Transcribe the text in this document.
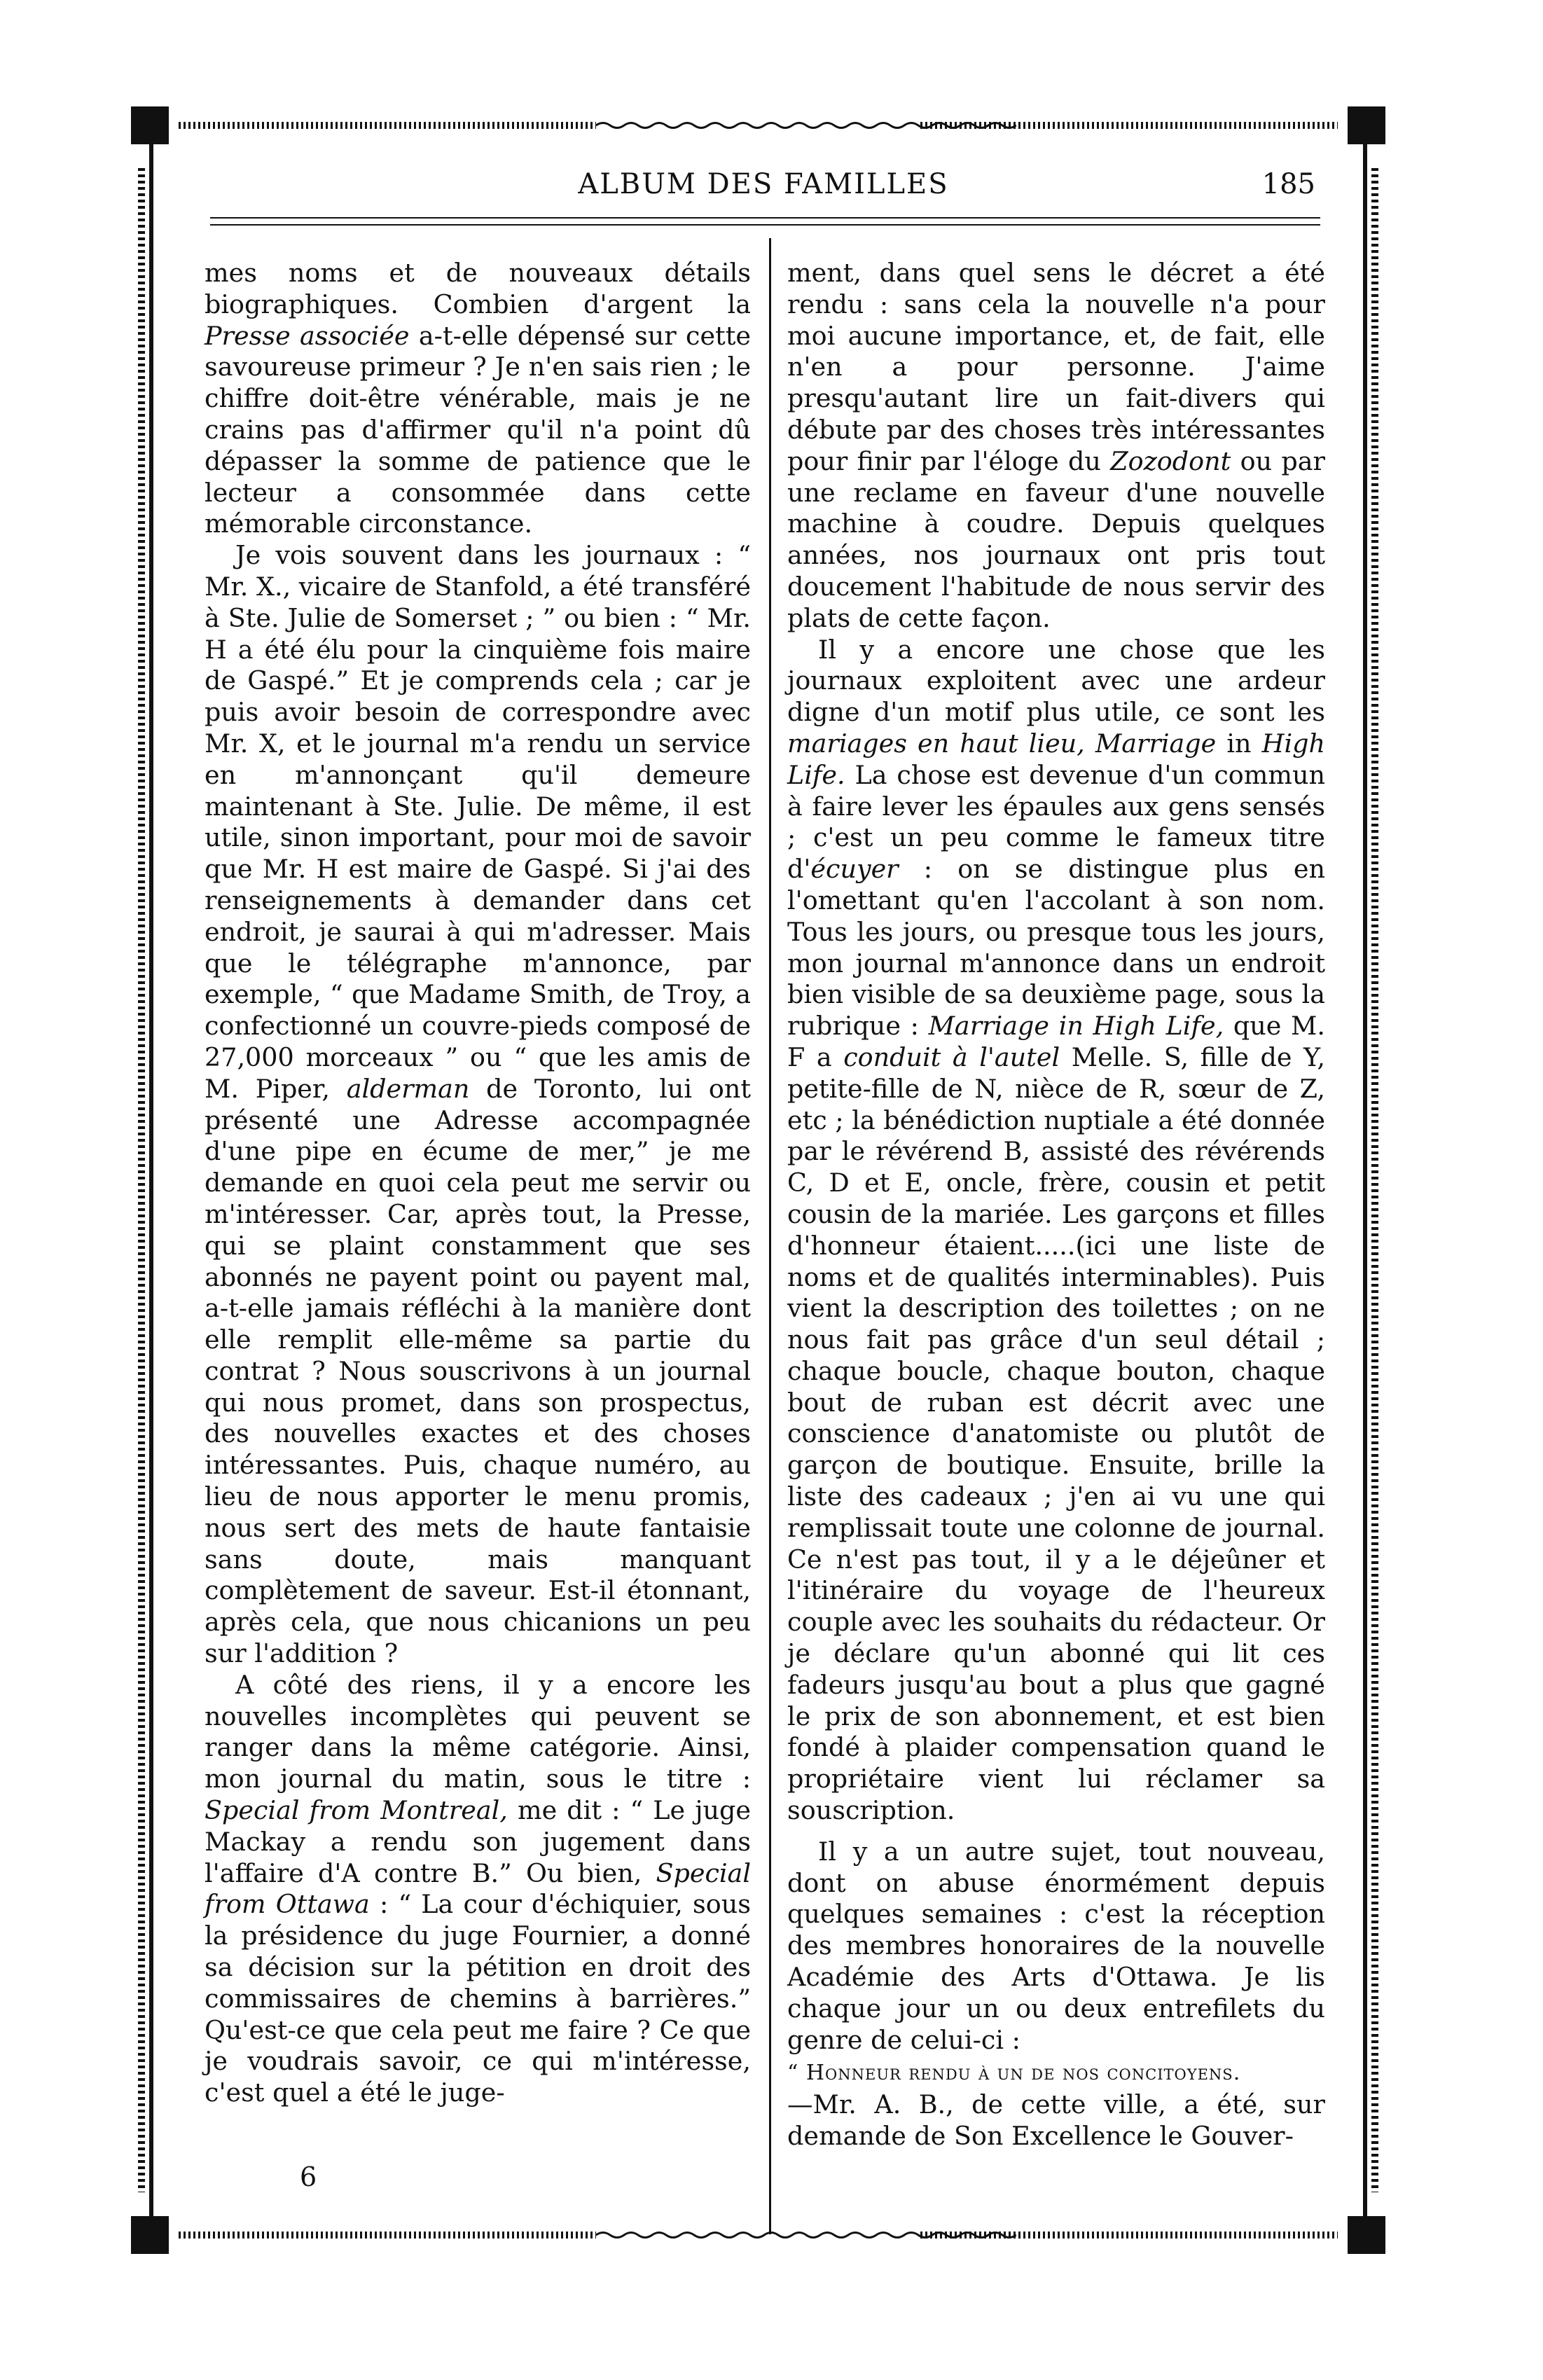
ALBUM DES FAMILLES	185

mes noms et de nouveaux détails biographiques. Combien d'argent la Presse associée a-t-elle dépensé sur cette savoureuse primeur ? Je n'en sais rien ; le chiffre doit-être vénérable, mais je ne crains pas d'affirmer qu'il n'a point dû dépasser la somme de patience que le lecteur a consommée dans cette mémorable circonstance.

Je vois souvent dans les journaux : “ Mr. X., vicaire de Stanfold, a été transféré à Ste. Julie de Somerset ; ” ou bien : “ Mr. H a été élu pour la cinquième fois maire de Gaspé.” Et je comprends cela ; car je puis avoir besoin de correspondre avec Mr. X, et le journal m'a rendu un service en m'annonçant qu'il demeure maintenant à Ste. Julie. De même, il est utile, sinon important, pour moi de savoir que Mr. H est maire de Gaspé. Si j'ai des renseignements à demander dans cet endroit, je saurai à qui m'adresser. Mais que le télégraphe m'annonce, par exemple, “ que Madame Smith, de Troy, a confectionné un couvre-pieds composé de 27,000 morceaux ” ou “ que les amis de M. Piper, alderman de Toronto, lui ont présenté une Adresse accompagnée d'une pipe en écume de mer,” je me demande en quoi cela peut me servir ou m'intéresser. Car, après tout, la Presse, qui se plaint constamment que ses abonnés ne payent point ou payent mal, a-t-elle jamais réfléchi à la manière dont elle remplit elle-même sa partie du contrat ? Nous souscrivons à un journal qui nous promet, dans son prospectus, des nouvelles exactes et des choses intéressantes. Puis, chaque numéro, au lieu de nous apporter le menu promis, nous sert des mets de haute fantaisie sans doute, mais manquant complètement de saveur. Est-il étonnant, après cela, que nous chicanions un peu sur l'addition ?

A côté des riens, il y a encore les nouvelles incomplètes qui peuvent se ranger dans la même catégorie. Ainsi, mon journal du matin, sous le titre : Special from Montreal, me dit : “ Le juge Mackay a rendu son jugement dans l'affaire d'A contre B.” Ou bien, Special from Ottawa : “ La cour d'échiquier, sous la présidence du juge Fournier, a donné sa décision sur la pétition en droit des commissaires de chemins à barrières.” Qu'est-ce que cela peut me faire ? Ce que je voudrais savoir, ce qui m'intéresse, c'est quel a été le juge-

ment, dans quel sens le décret a été rendu : sans cela la nouvelle n'a pour moi aucune importance, et, de fait, elle n'en a pour personne. J'aime presqu'autant lire un fait-divers qui débute par des choses très intéressantes pour finir par l'éloge du Zozodont ou par une reclame en faveur d'une nouvelle machine à coudre. Depuis quelques années, nos journaux ont pris tout doucement l'habitude de nous servir des plats de cette façon.

Il y a encore une chose que les journaux exploitent avec une ardeur digne d'un motif plus utile, ce sont les mariages en haut lieu, Marriage in High Life. La chose est devenue d'un commun à faire lever les épaules aux gens sensés ; c'est un peu comme le fameux titre d'écuyer : on se distingue plus en l'omettant qu'en l'accolant à son nom. Tous les jours, ou presque tous les jours, mon journal m'annonce dans un endroit bien visible de sa deuxième page, sous la rubrique : Marriage in High Life, que M. F a conduit à l'autel Melle. S, fille de Y, petite-fille de N, nièce de R, sœur de Z, etc ; la bénédiction nuptiale a été donnée par le révérend B, assisté des révérends C, D et E, oncle, frère, cousin et petit cousin de la mariée. Les garçons et filles d'honneur étaient.....(ici une liste de noms et de qualités interminables). Puis vient la description des toilettes ; on ne nous fait pas grâce d'un seul détail ; chaque boucle, chaque bouton, chaque bout de ruban est décrit avec une conscience d'anatomiste ou plutôt de garçon de boutique. Ensuite, brille la liste des cadeaux ; j'en ai vu une qui remplissait toute une colonne de journal. Ce n'est pas tout, il y a le déjeûner et l'itinéraire du voyage de l'heureux couple avec les souhaits du rédacteur. Or je déclare qu'un abonné qui lit ces fadeurs jusqu'au bout a plus que gagné le prix de son abonnement, et est bien fondé à plaider compensation quand le propriétaire vient lui réclamer sa souscription.

Il y a un autre sujet, tout nouveau, dont on abuse énormément depuis quelques semaines : c'est la réception des membres honoraires de la nouvelle Académie des Arts d'Ottawa. Je lis chaque jour un ou deux entrefilets du genre de celui-ci :

“ Honneur rendu à un de nos concitoyens.

—Mr. A. B., de cette ville, a été, sur demande de Son Excellence le Gouver-

6
